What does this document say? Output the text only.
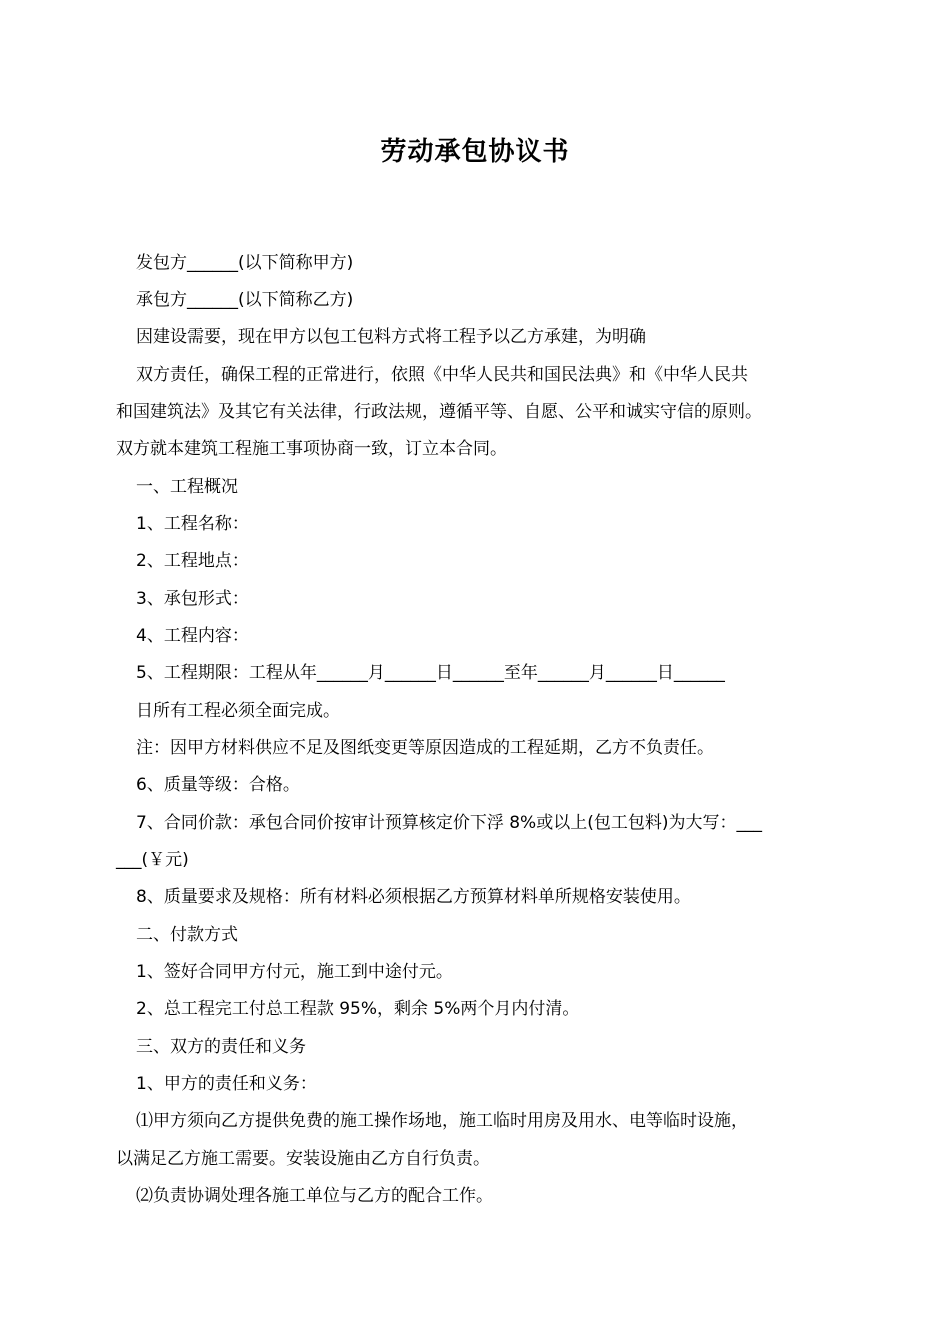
劳动承包协议书
发包方______(以下简称甲方)
承包方______(以下简称乙方)
因建设需要，现在甲方以包工包料方式将工程予以乙方承建，为明确
双方责任，确保工程的正常进行，依照《中华人民共和国民法典》和《中华人民共
和国建筑法》及其它有关法律，行政法规，遵循平等、自愿、公平和诚实守信的原则。
双方就本建筑工程施工事项协商一致，订立本合同。
一、工程概况
1、工程名称：
2、工程地点：
3、承包形式：
4、工程内容：
5、工程期限：工程从年______月______日______至年______月______日______
日所有工程必须全面完成。
注：因甲方材料供应不足及图纸变更等原因造成的工程延期，乙方不负责任。
6、质量等级：合格。
7、合同价款：承包合同价按审计预算核定价下浮 8%或以上(包工包料)为大写：___
___(￥元)
8、质量要求及规格：所有材料必须根据乙方预算材料单所规格安装使用。
二、付款方式
1、签好合同甲方付元，施工到中途付元。
2、总工程完工付总工程款 95%，剩余 5%两个月内付清。
三、双方的责任和义务
1、甲方的责任和义务：
⑴甲方须向乙方提供免费的施工操作场地，施工临时用房及用水、电等临时设施，
以满足乙方施工需要。安装设施由乙方自行负责。
⑵负责协调处理各施工单位与乙方的配合工作。
